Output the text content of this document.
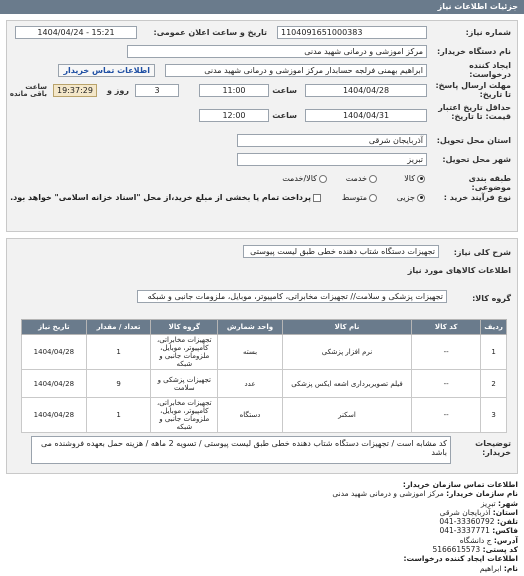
جزئیات اطلاعات نیاز
شماره نیاز:
1104091651000383
تاریخ و ساعت اعلان عمومی:
1404/04/24 - 15:21
نام دستگاه خریدار:
مرکز اموزشی و درمانی شهید مدنی
ایجاد کننده درخواست:
ابراهیم بهمنی فرلجه حسابدار مرکز اموزشی و درمانی شهید مدنی
اطلاعات تماس خریدار
مهلت ارسال پاسخ: تا تاریخ:
1404/04/28
ساعت
11:00
3
روز و
19:37:29
ساعت باقی مانده
حداقل تاریخ اعتبار قیمت: تا تاریخ:
1404/04/31
ساعت
12:00
استان محل تحویل:
آذربایجان شرقی
شهر محل تحویل:
تبریز
طبقه بندی موضوعی:
کالا
خدمت
کالا/خدمت
نوع فرآیند خرید :
جزیی
متوسط
پرداخت تمام یا بخشی از مبلغ خرید،از محل "اسناد خزانه اسلامی" خواهد بود.
شرح کلی نیاز:
تجهیزات دستگاه شتاب دهنده خطی طبق لیست پیوستی
اطلاعات کالاهای مورد نیاز
گروه کالا:
تجهیزات پزشکی و سلامت// تجهیزات مخابراتی، کامپیوتر، موبایل، ملزومات جانبی و شبکه
ردیف	کد کالا	نام کالا	واحد شمارش	گروه کالا	تعداد / مقدار	تاریخ نیاز
1	--	نرم افزار پزشکی	بسته	تجهیزات مخابراتی، کامپیوتر، موبایل، ملزومات جانبی و شبکه	1	1404/04/28
2	--	فیلم تصویربرداری اشعه ایکس پزشکی	عدد	تجهیزات پزشکی و سلامت	9	1404/04/28
3	--	اسکنر	دستگاه	تجهیزات مخابراتی، کامپیوتر، موبایل، ملزومات جانبی و شبکه	1	1404/04/28
توضیحات خریدار:
کد مشابه است / تجهیزات دستگاه شتاب دهنده خطی طبق لیست پیوستی / تسویه 2 ماهه / هزینه حمل بعهده فروشنده می باشد
اطلاعات تماس سازمان خریدار:
نام سازمان خریدار: مرکز اموزشی و درمانی شهید مدنی
شهر: تبریز
استان: آذربایجان شرقی
تلفن: 041-33360792
فاکس: 041-3337771
آدرس: ج دانشگاه
کد پستی: 5166615573
اطلاعات ایجاد کننده درخواست:
نام: ابراهیم
